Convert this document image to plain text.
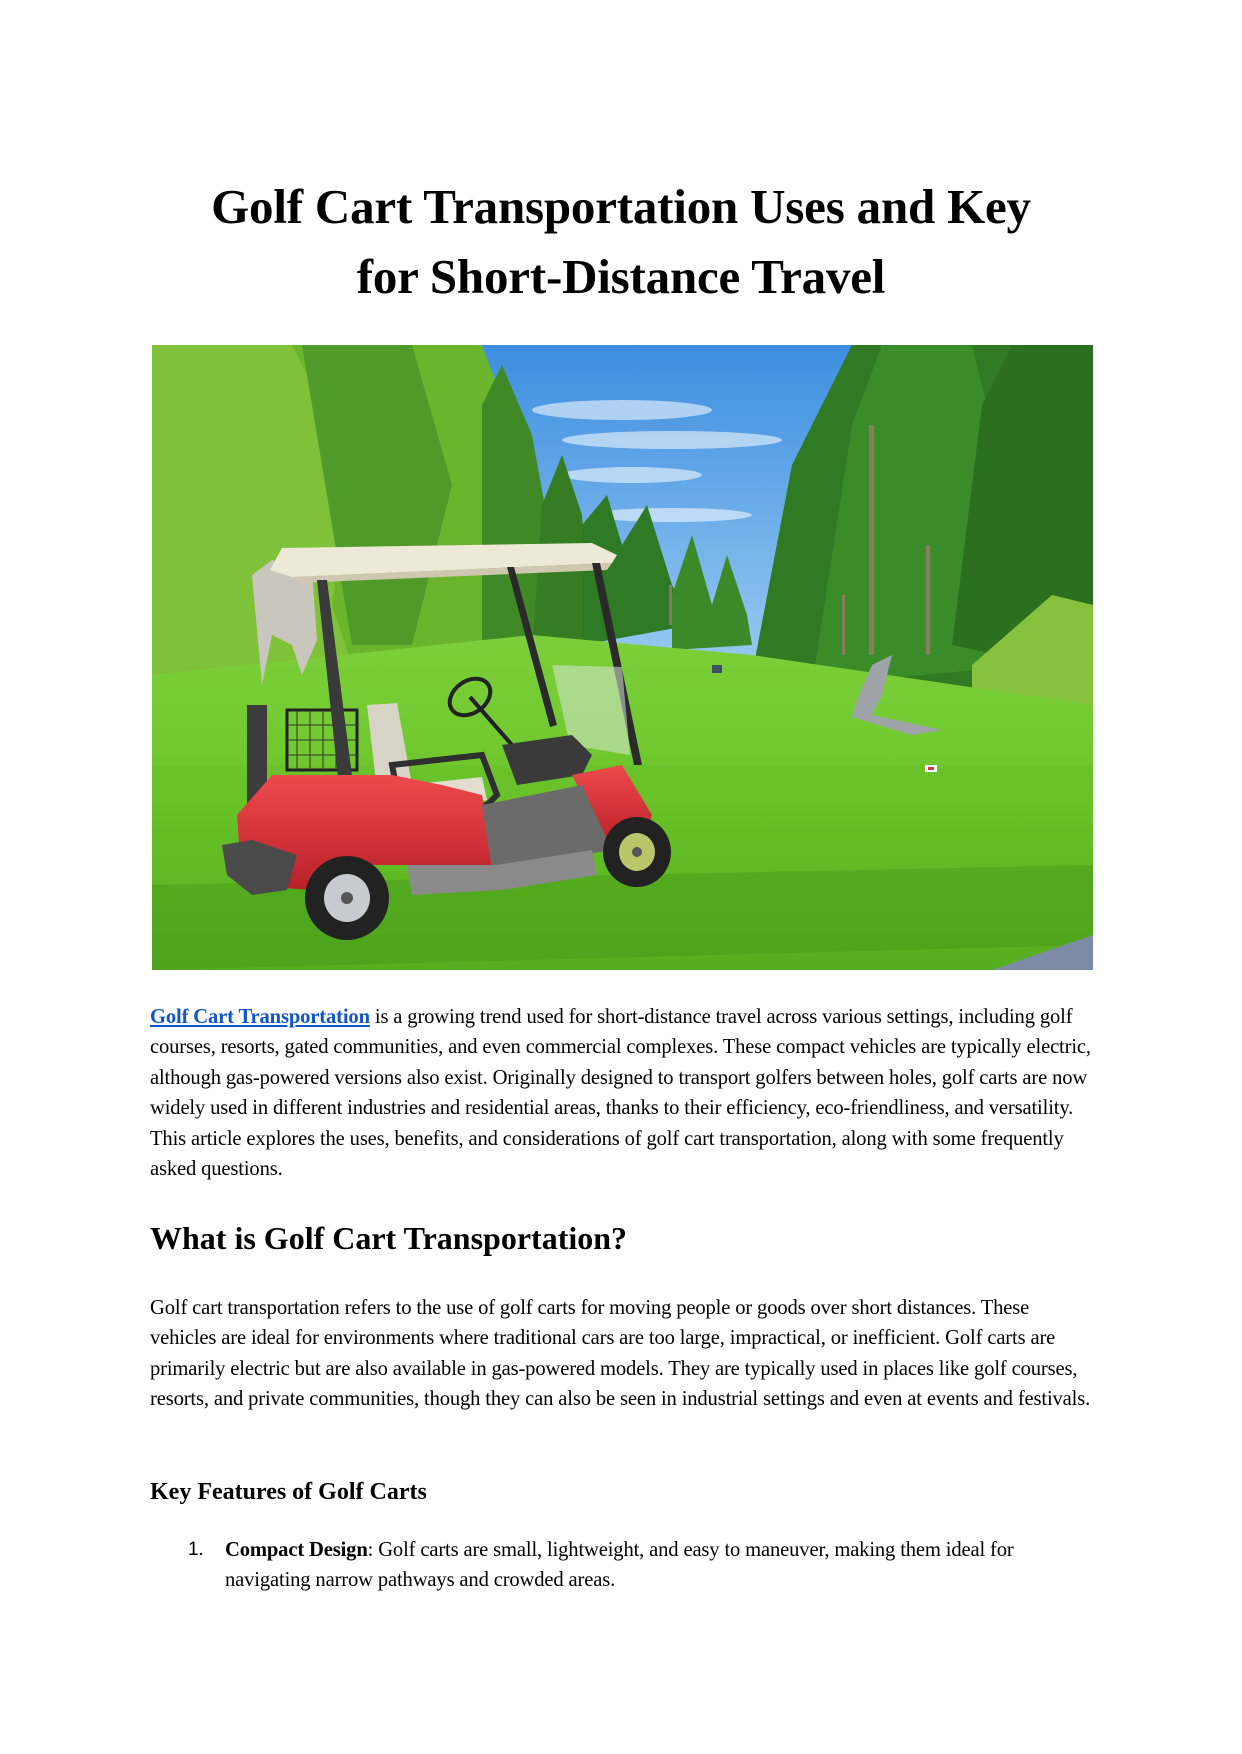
Golf Cart Transportation Uses and Key
for Short-Distance Travel

Golf Cart Transportation is a growing trend used for short-distance travel across various settings, including golf courses, resorts, gated communities, and even commercial complexes. These compact vehicles are typically electric, although gas-powered versions also exist. Originally designed to transport golfers between holes, golf carts are now widely used in different industries and residential areas, thanks to their efficiency, eco-friendliness, and versatility. This article explores the uses, benefits, and considerations of golf cart transportation, along with some frequently asked questions.

What is Golf Cart Transportation?

Golf cart transportation refers to the use of golf carts for moving people or goods over short distances. These vehicles are ideal for environments where traditional cars are too large, impractical, or inefficient. Golf carts are primarily electric but are also available in gas-powered models. They are typically used in places like golf courses, resorts, and private communities, though they can also be seen in industrial settings and even at events and festivals.

Key Features of Golf Carts
1. Compact Design: Golf carts are small, lightweight, and easy to maneuver, making them ideal for navigating narrow pathways and crowded areas.
